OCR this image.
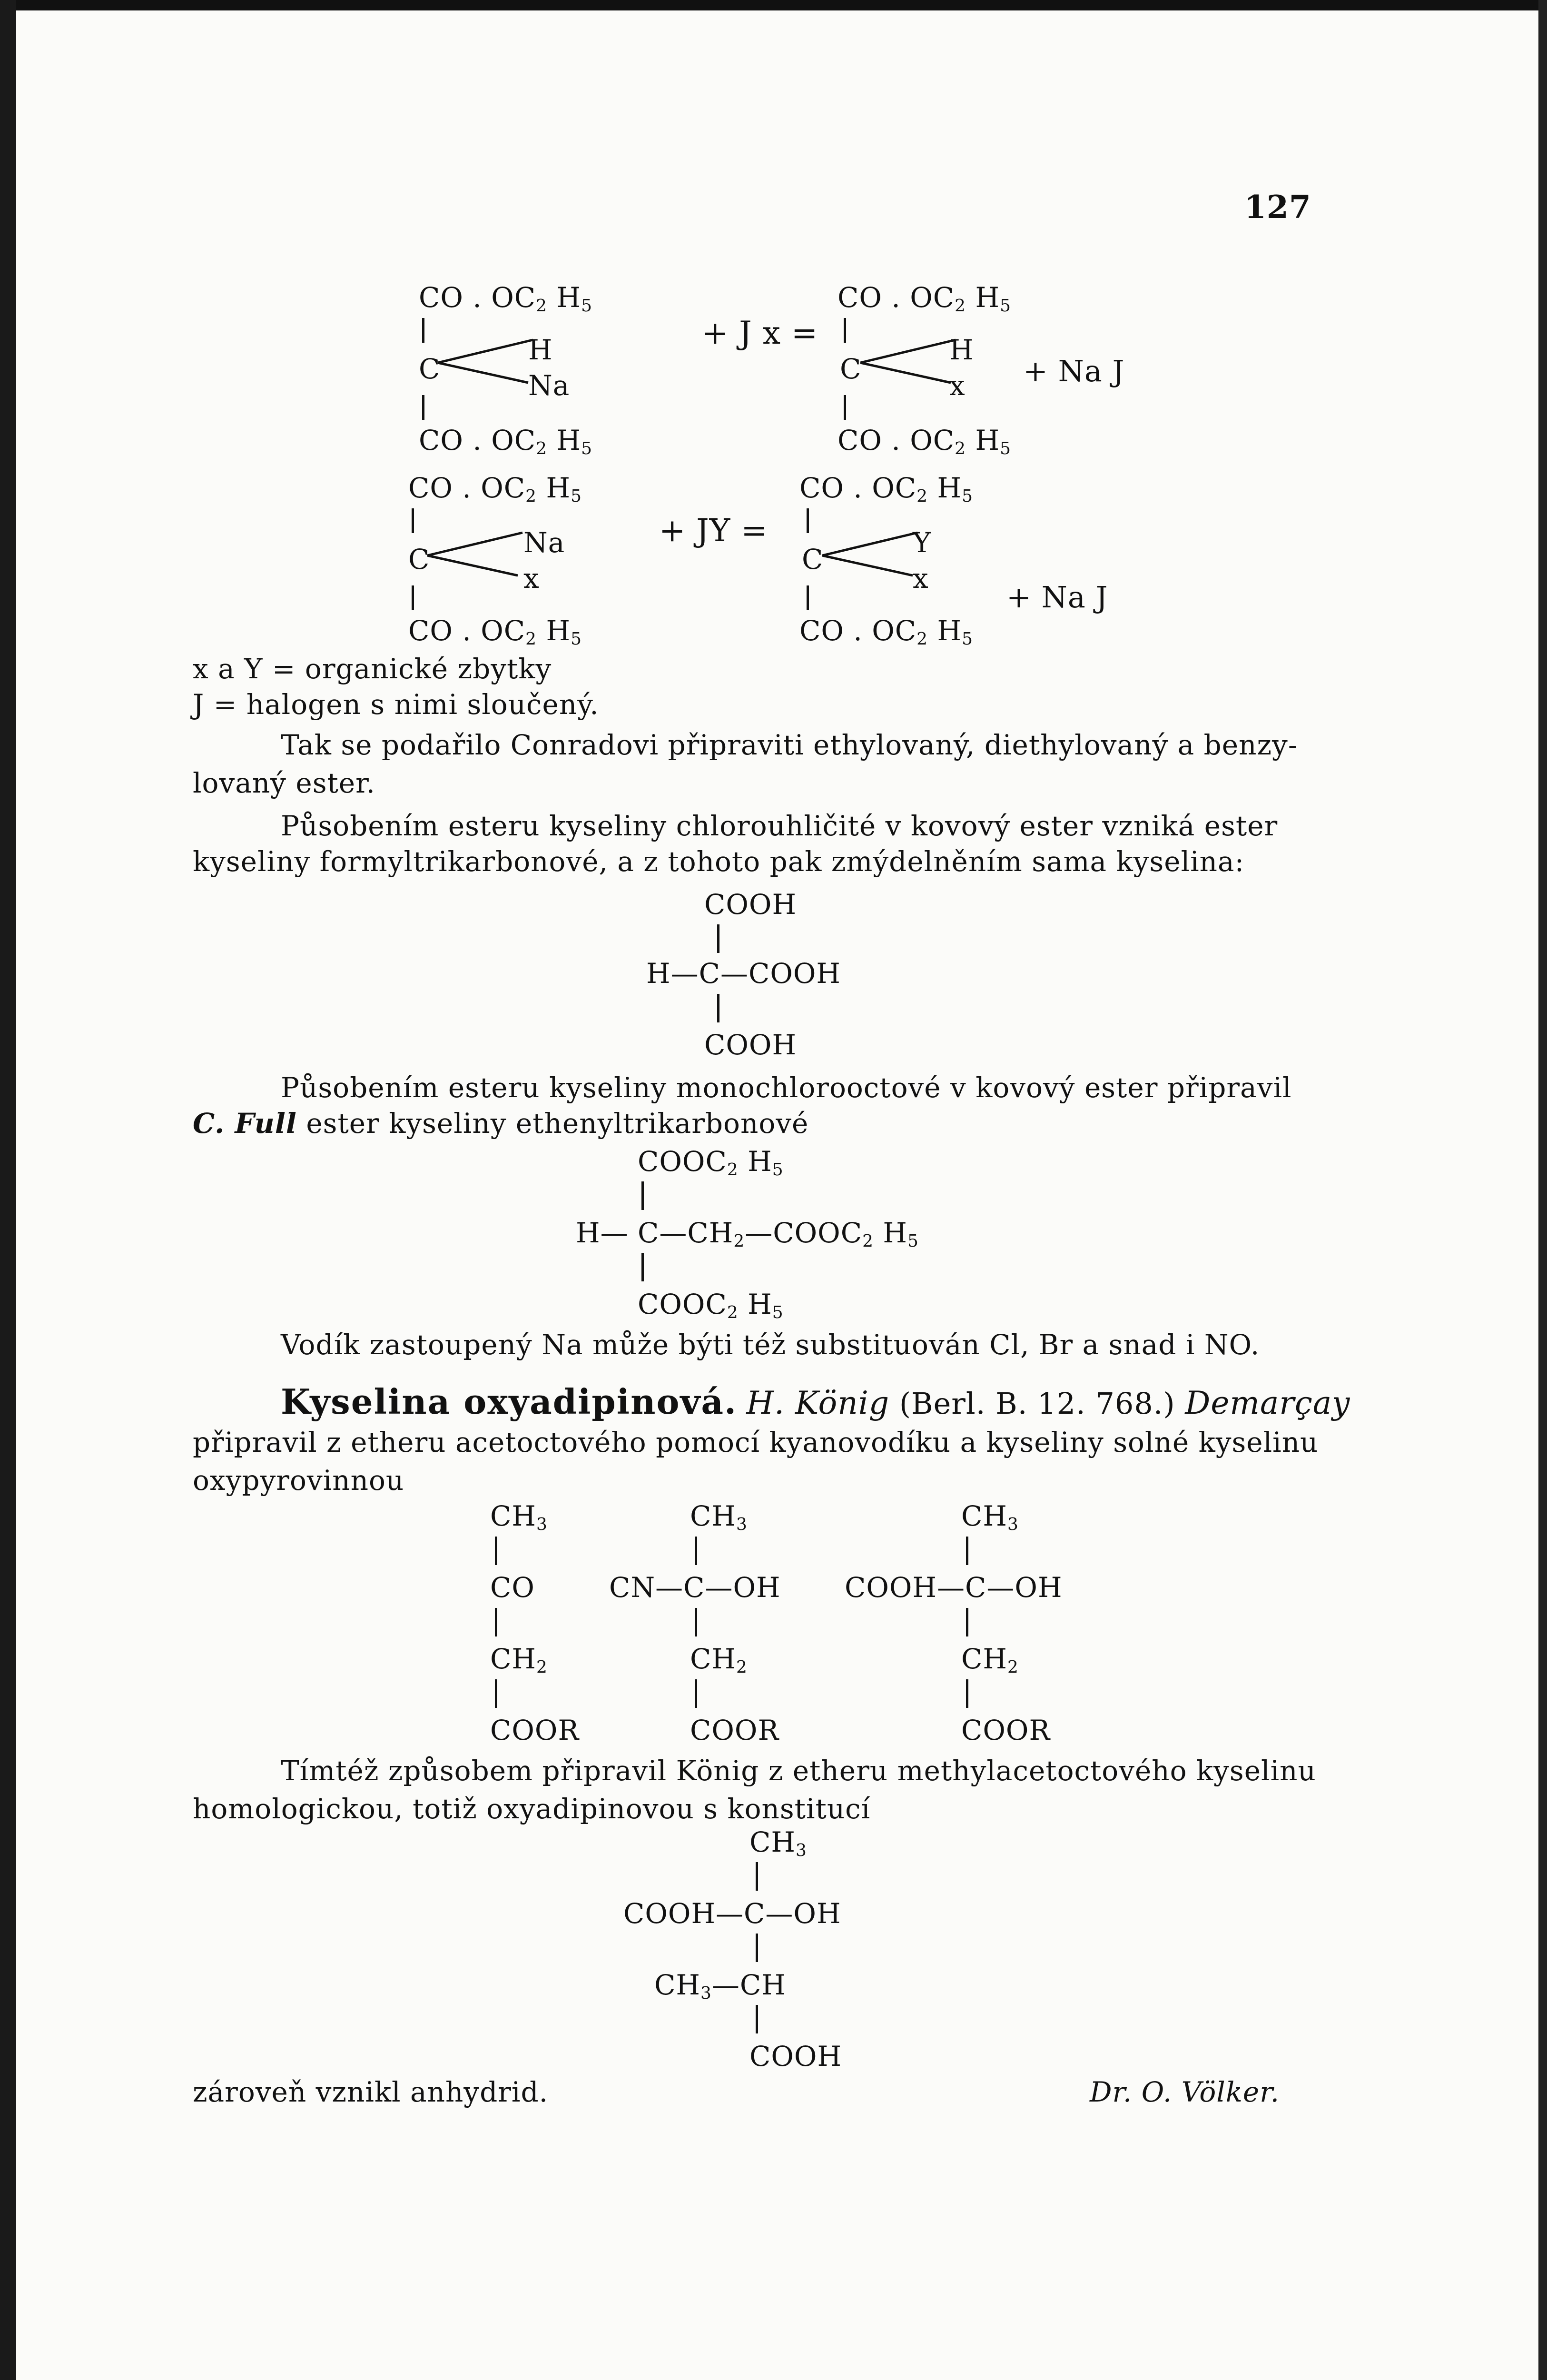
127
CO . $OC_2$ $H_5$
C
H
Na
CO . $OC_2$ $H_5$
+ J x =
CO . $OC_2$ $H_5$
C
H
x
CO . $OC_2$ $H_5$
+ Na J
CO . $OC_2$ $H_5$
C
Na
x
CO . $OC_2$ $H_5$
+ JY =
CO . $OC_2$ $H_5$
C
Y
x
CO . $OC_2$ $H_5$
+ Na J
x a Y = organické zbytky
J = halogen s nimi sloučený.
Tak se podařilo Conradovi připraviti ethylovaný, diethylovaný a benzy-
lovaný ester.
Působením esteru kyseliny chlorouhličité v kovový ester vzniká ester
kyseliny formyltrikarbonové, a z tohoto pak zmýdelněním sama kyselina:
COOH
H—C—COOH
COOH
Působením esteru kyseliny monochlorooctové v kovový ester připravil
C. Full ester kyseliny ethenyltrikarbonové
$COOC_2$ $H_5$
H— $C—CH_2—COOC_2$ $H_5$
$COOC_2$ $H_5$
Vodík zastoupený Na může býti též substituován Cl, Br a snad i NO.
Kyselina oxyadipinová. H. König (Berl. B. 12. 768.) Demarçay
připravil z etheru acetoctového pomocí kyanovodíku a kyseliny solné kyselinu
oxypyrovinnou
$CH_3$
CO
$CH_2$
COOR
$CH_3$
CN—C—OH
$CH_2$
COOR
$CH_3$
COOH—C—OH
$CH_2$
COOR
Tímtéž způsobem připravil König z etheru methylacetoctového kyselinu
homologickou, totiž oxyadipinovou s konstitucí
$CH_3$
COOH—C—OH
$CH_3—CH$
COOH
zároveň vznikl anhydrid.	Dr. O. Völker.
